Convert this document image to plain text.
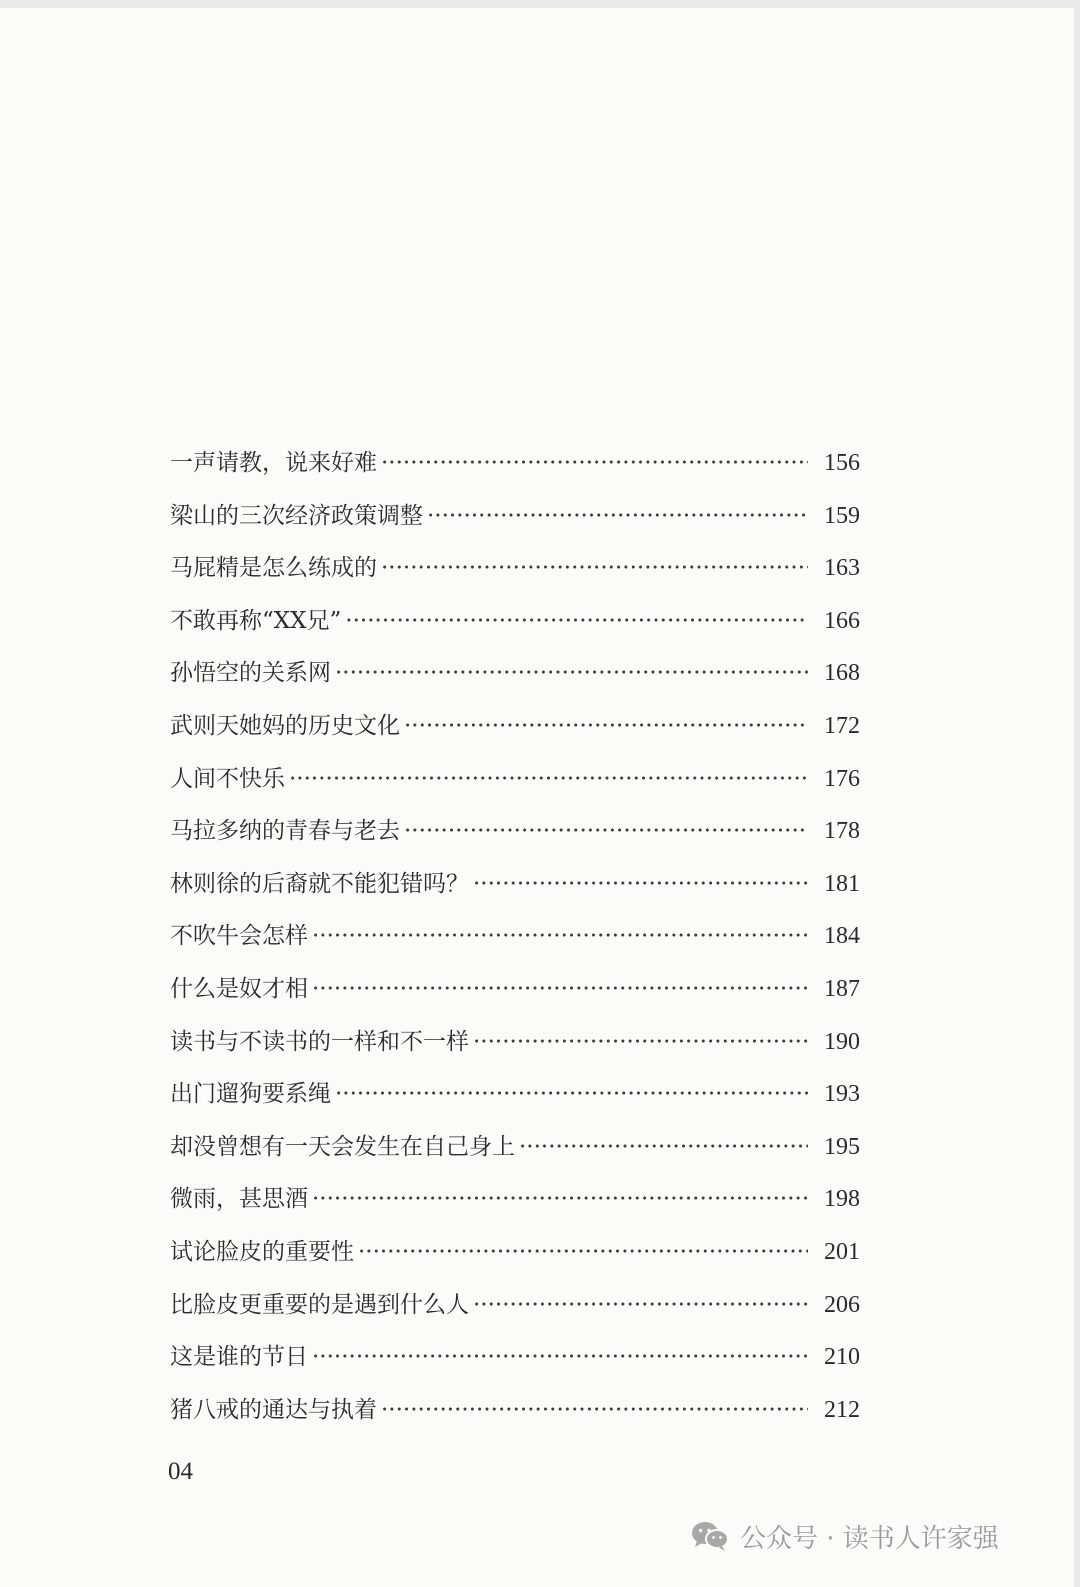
一声请教，说来好难 ·····	156
梁山的三次经济政策调整 ·····	159
马屁精是怎么练成的 ·····	163
不敢再称“XX兄” ·····	166
孙悟空的关系网 ·····	168
武则天她妈的历史文化 ·····	172
人间不快乐 ·····	176
马拉多纳的青春与老去 ·····	178
林则徐的后裔就不能犯错吗？ ·····	181
不吹牛会怎样 ·····	184
什么是奴才相 ·····	187
读书与不读书的一样和不一样 ·····	190
出门遛狗要系绳 ·····	193
却没曾想有一天会发生在自己身上 ·····	195
微雨，甚思酒 ·····	198
试论脸皮的重要性 ·····	201
比脸皮更重要的是遇到什么人 ·····	206
这是谁的节日 ·····	210
猪八戒的通达与执着 ·····	212
04
公众号 · 读书人许家强
